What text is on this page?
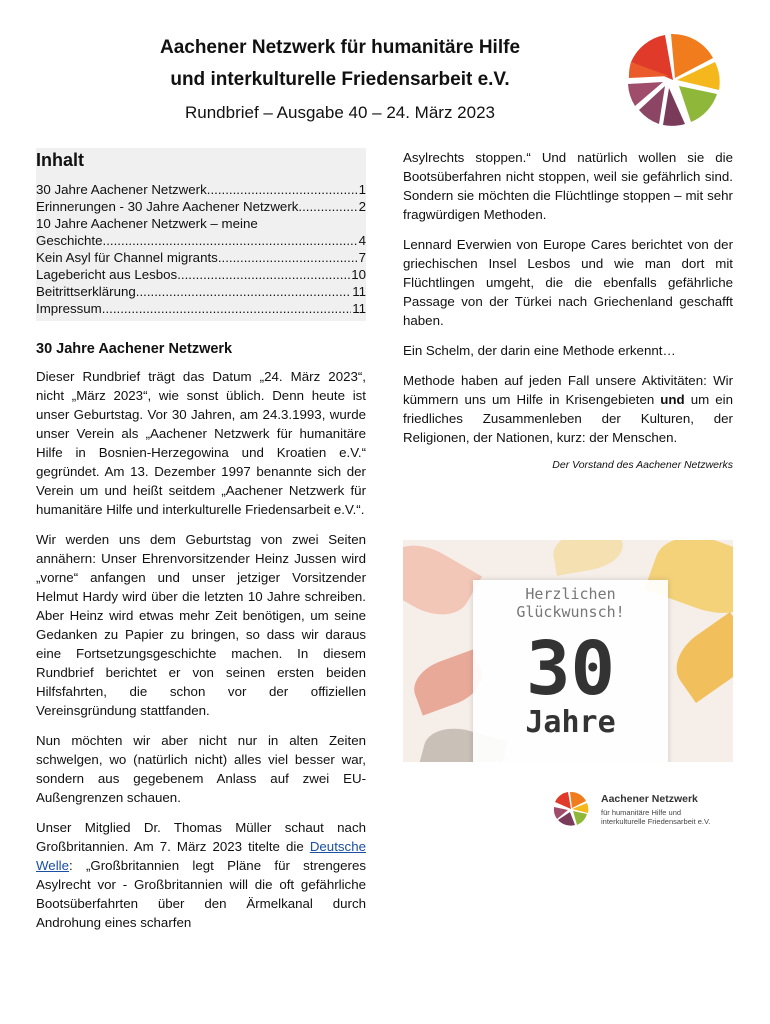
Aachener Netzwerk für humanitäre Hilfe
und interkulturelle Friedensarbeit e.V.
Rundbrief – Ausgabe 40 – 24. März 2023
Inhalt
30 Jahre Aachener Netzwerk .....	1
Erinnerungen - 30 Jahre Aachener Netzwerk .....	2
10 Jahre Aachener Netzwerk – meine
Geschichte .....	4
Kein Asyl für Channel migrants .....	7
Lagebericht aus Lesbos .....	10
Beitrittserklärung .....	11
Impressum .....	11
30 Jahre Aachener Netzwerk

Dieser Rundbrief trägt das Datum „24. März 2023“, nicht „März 2023“, wie sonst üblich. Denn heute ist unser Geburtstag. Vor 30 Jahren, am 24.3.1993, wurde unser Verein als „Aachener Netzwerk für humanitäre Hilfe in Bosnien-Herzegowina und Kroatien e.V.“ gegründet. Am 13. Dezember 1997 benannte sich der Verein um und heißt seitdem „Aachener Netzwerk für humanitäre Hilfe und interkulturelle Friedensarbeit e.V.“.

Wir werden uns dem Geburtstag von zwei Seiten annähern: Unser Ehrenvorsitzender Heinz Jussen wird „vorne“ anfangen und unser jetziger Vorsitzender Helmut Hardy wird über die letzten 10 Jahre schreiben. Aber Heinz wird etwas mehr Zeit benötigen, um seine Gedanken zu Papier zu bringen, so dass wir daraus eine Fortsetzungsgeschichte machen. In diesem Rundbrief berichtet er von seinen ersten beiden Hilfsfahrten, die schon vor der offiziellen Vereinsgründung stattfanden.

Nun möchten wir aber nicht nur in alten Zeiten schwelgen, wo (natürlich nicht) alles viel besser war, sondern aus gegebenem Anlass auf zwei EU-Außengrenzen schauen.

Unser Mitglied Dr. Thomas Müller schaut nach Großbritannien. Am 7. März 2023 titelte die Deutsche Welle: „Großbritannien legt Pläne für strengeres Asylrecht vor - Großbritannien will die oft gefährliche Bootsüberfahrten über den Ärmelkanal durch Androhung eines scharfen

Asylrechts stoppen.“ Und natürlich wollen sie die Bootsüberfahren nicht stoppen, weil sie gefährlich sind. Sondern sie möchten die Flüchtlinge stoppen – mit sehr fragwürdigen Methoden.

Lennard Everwien von Europe Cares berichtet von der griechischen Insel Lesbos und wie man dort mit Flüchtlingen umgeht, die die ebenfalls gefährliche Passage von der Türkei nach Griechenland geschafft haben.

Ein Schelm, der darin eine Methode erkennt…

Methode haben auf jeden Fall unsere Aktivitäten: Wir kümmern uns um Hilfe in Krisengebieten und um ein friedliches Zusammenleben der Kulturen, der Religionen, der Nationen, kurz: der Menschen.

Der Vorstand des Aachener Netzwerks
Herzlichen Glückwunsch!
30
Jahre
Aachener Netzwerk
für humanitäre Hilfe und
interkulturelle Friedensarbeit e.V.
